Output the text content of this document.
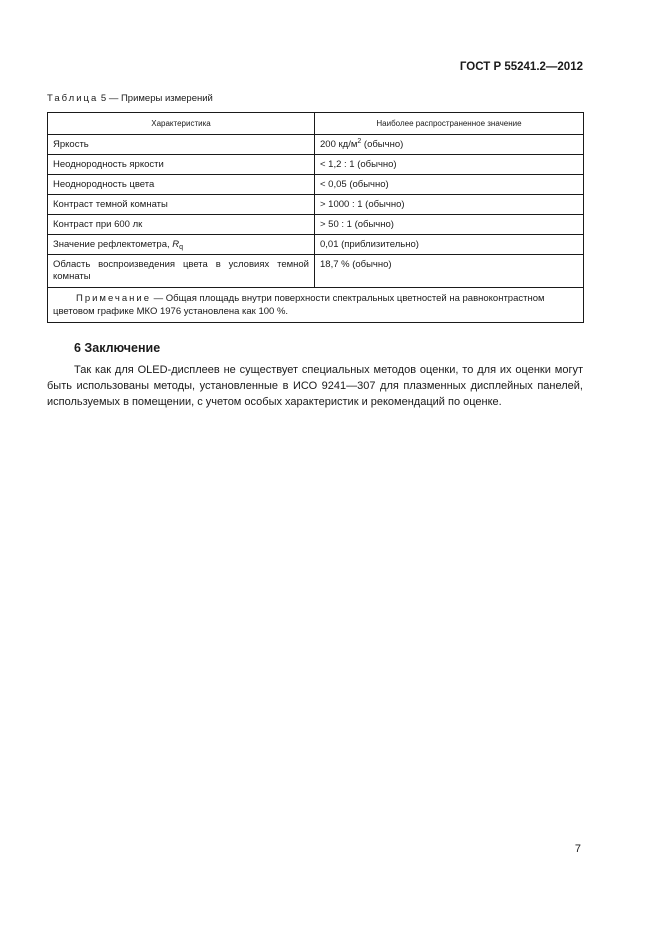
ГОСТ Р 55241.2—2012
Таблица 5 — Примеры измерений
Характеристика	Наиболее распространенное значение
Яркость	200 $кд/м^2$ (обычно)
Неоднородность яркости	< 1,2 : 1 (обычно)
Неоднородность цвета	< 0,05 (обычно)
Контраст темной комнаты	> 1000 : 1 (обычно)
Контраст при 600 лк	> 50 : 1 (обычно)
Значение рефлектометра, $R_q$	0,01 (приблизительно)

Область воспроизведения цвета в условиях темной
комнаты	18,7 % (обычно)
Примечание — Общая площадь внутри поверхности спектральных цветностей на равноконтрастном цветовом графике МКО 1976 установлена как 100 %.	
6 Заключение
Так как для OLED-дисплеев не существует специальных методов оценки, то для их оценки могут быть использованы методы, установленные в ИСО 9241—307 для плазменных дисплейных панелей, используемых в помещении, с учетом особых характеристик и рекомендаций по оценке.
7
